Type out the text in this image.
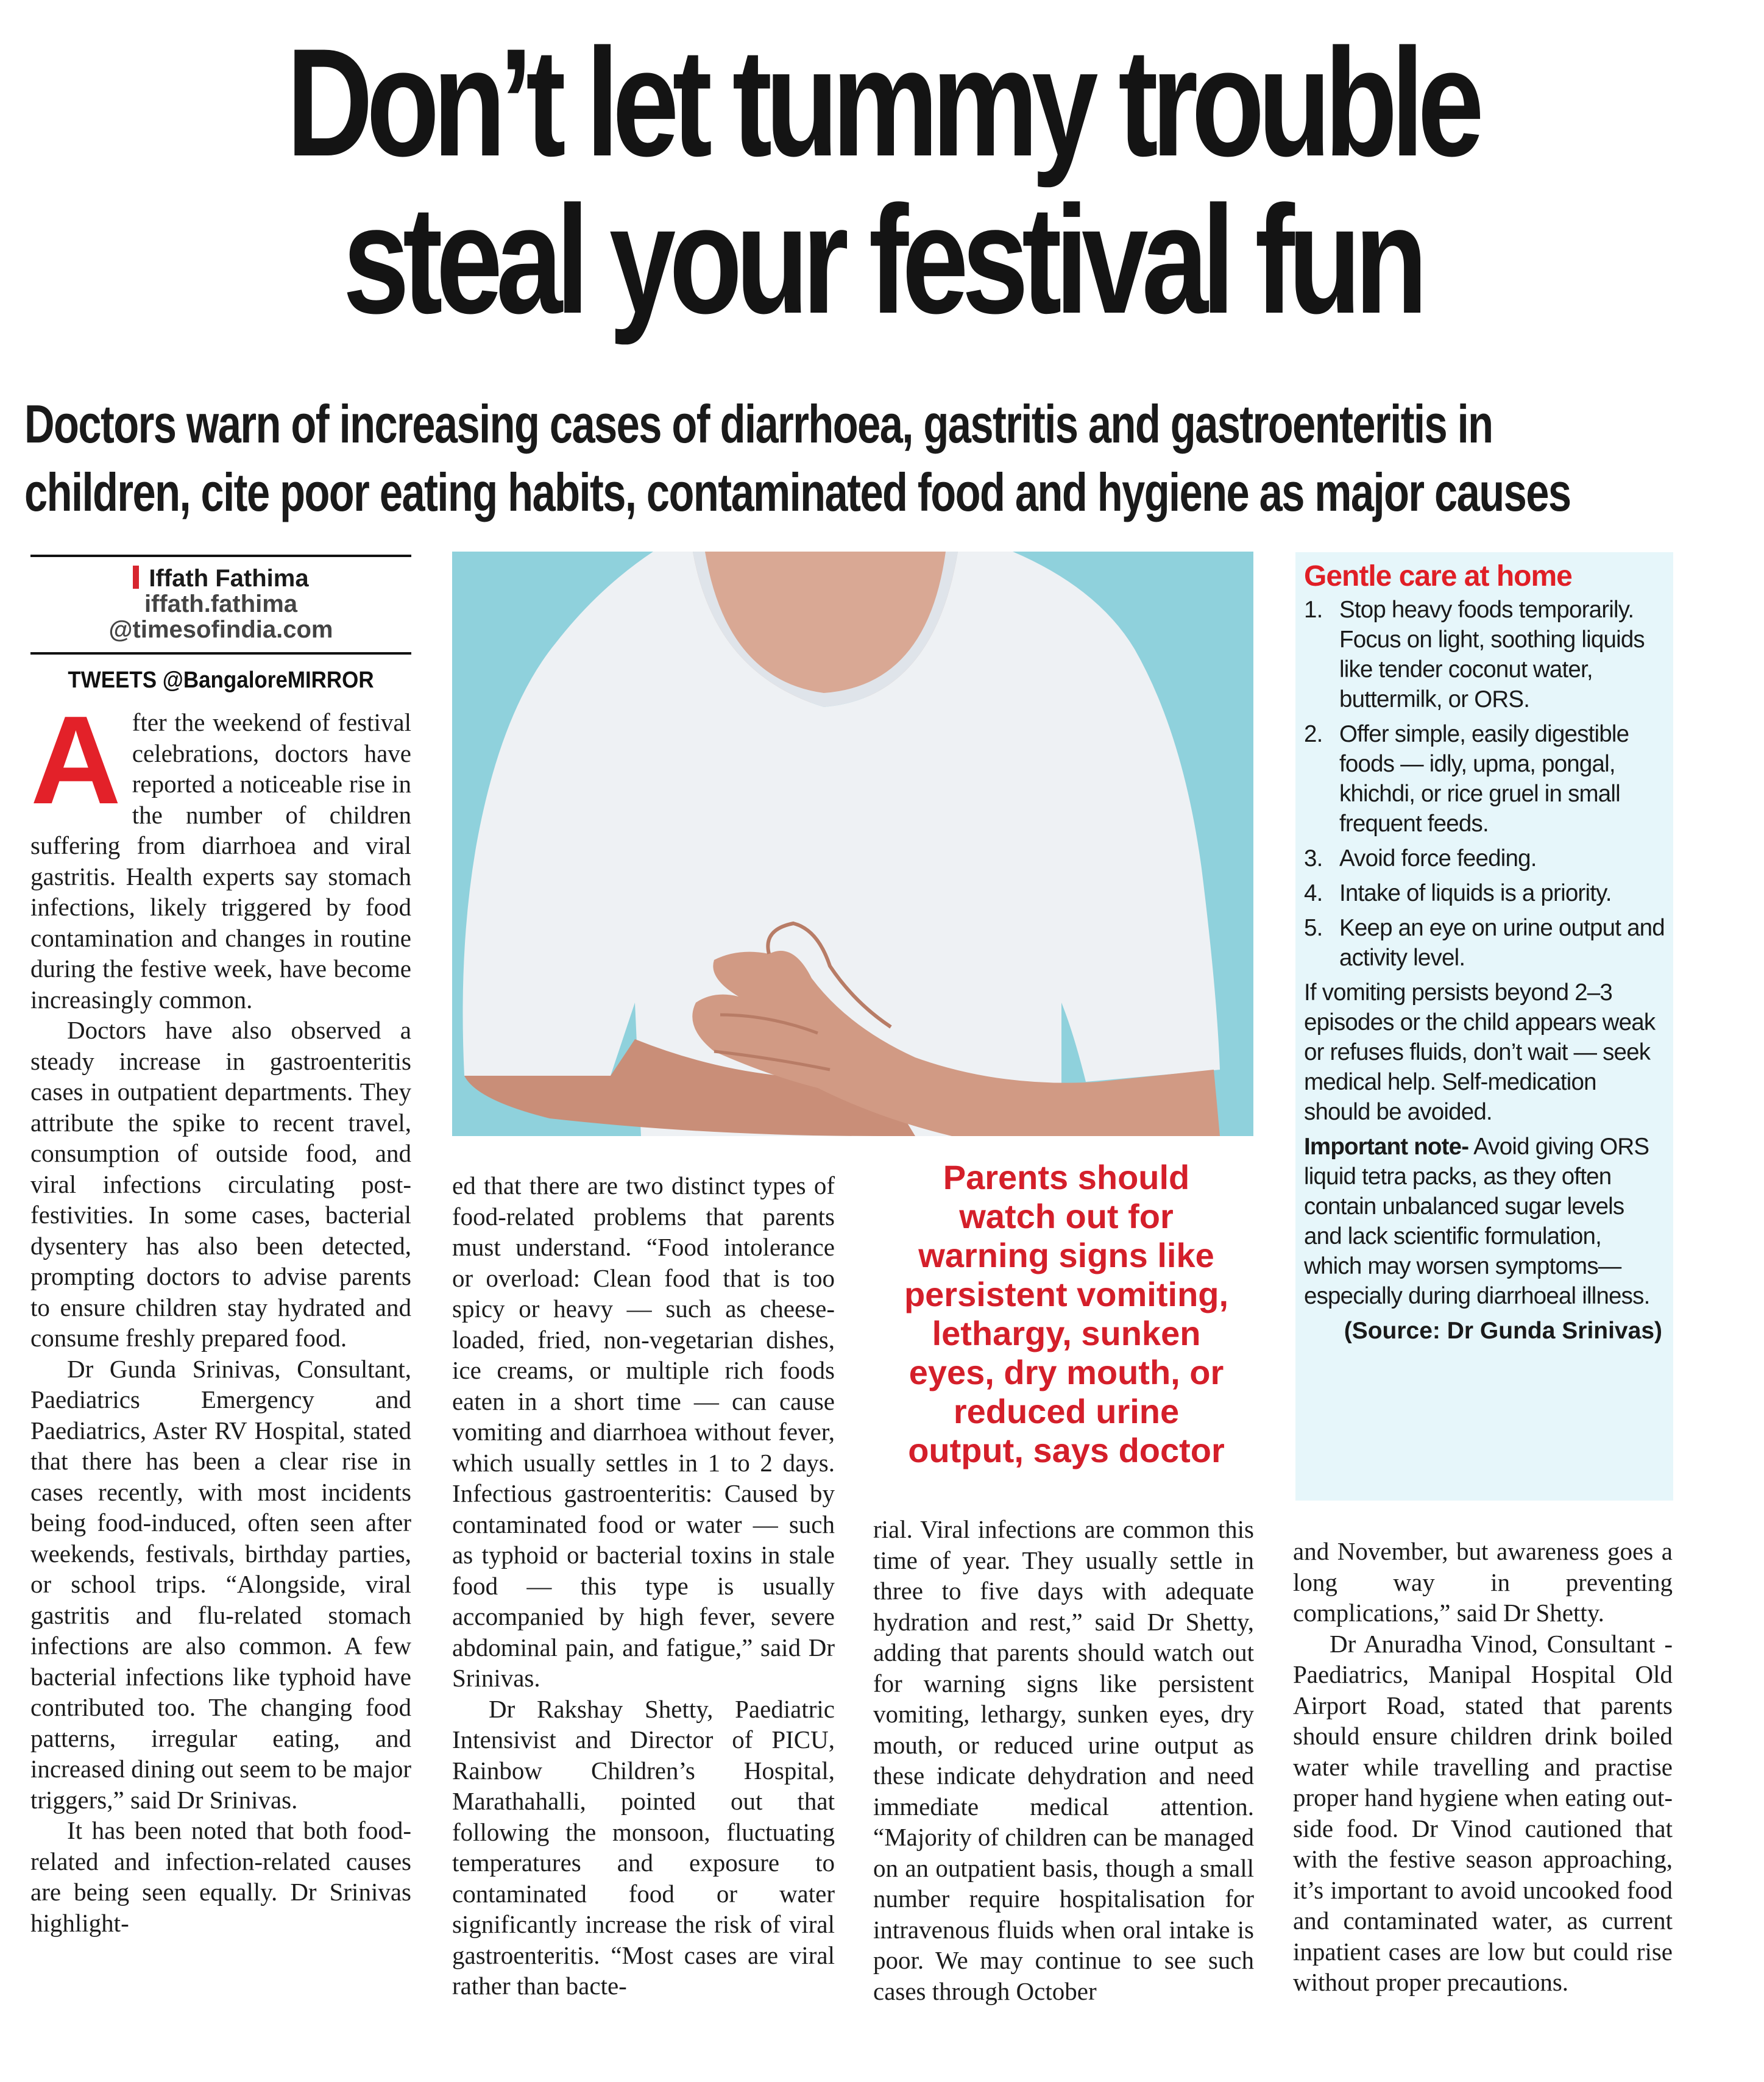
Don’t let tummy trouble
steal your festival fun
Doctors warn of increasing cases of diarrhoea, gastritis and gastroenteritis in
children, cite poor eating habits, contaminated food and hygiene as major causes
Iffath Fathima
iffath.fathima
@timesofindia.com
TWEETS @BangaloreMIRROR

After the weekend of festival celebrations, doctors have reported a noticeable rise in the number of children suffering from diarrhoea and viral gastritis. Health experts say stomach infections, likely triggered by food contamination and changes in routine during the festive week, have become increasingly common.

Doctors have also observed a steady increase in gastroenteritis cases in outpatient departments. They attribute the spike to recent travel, consumption of outside food, and viral infections circulating post-festivities. In some cases, bacterial dysentery has also been detected, prompting doctors to advise parents to ensure children stay hydrated and consume freshly prepared food.

Dr Gunda Srinivas, Consultant, Paediatrics Emergency and Paediatrics, Aster RV Hospital, stated that there has been a clear rise in cases recently, with most incidents being food-induced, often seen after weekends, festivals, birthday parties, or school trips. “Alongside, viral gastritis and flu-related stomach infections are also common. A few bacterial infections like typhoid have contributed too. The changing food patterns, irregular eating, and increased dining out seem to be major triggers,” said Dr Srinivas.

It has been noted that both food-related and infection-related causes are being seen equally. Dr Srinivas highlight-

ed that there are two distinct types of food-related problems that parents must understand. “Food intolerance or overload: Clean food that is too spicy or heavy — such as cheese-loaded, fried, non-vegetarian dishes, ice creams, or multiple rich foods eaten in a short time — can cause vomiting and diarrhoea without fever, which usually settles in 1 to 2 days. Infectious gastroenteritis: Caused by contaminated food or water — such as typhoid or bacterial toxins in stale food — this type is usually accompanied by high fever, severe abdominal pain, and fatigue,” said Dr Srinivas.

Dr Rakshay Shetty, Paediatric Intensivist and Director of PICU, Rainbow Children’s Hospital, Marathahalli, pointed out that following the monsoon, fluctuating temperatures and exposure to contaminated food or water significantly increase the risk of viral gastroenteritis. “Most cases are viral rather than bacte-

Parents should
watch out for
warning signs like
persistent vomiting,
lethargy, sunken
eyes, dry mouth, or
reduced urine
output, says doctor

rial. Viral infections are common this time of year. They usually settle in three to five days with adequate hydration and rest,” said Dr Shetty, adding that parents should watch out for warning signs like persistent vomiting, lethargy, sunken eyes, dry mouth, or reduced urine output as these indicate dehydration and need immediate medical attention. “Majority of children can be managed on an outpatient basis, though a small number require hospitalisation for intravenous fluids when oral intake is poor. We may continue to see such cases through October

Gentle care at home
1. Stop heavy foods temporarily. Focus on light, soothing liquids like tender coconut water, buttermilk, or ORS.
2. Offer simple, easily digestible foods — idly, upma, pongal, khichdi, or rice gruel in small frequent feeds.
3. Avoid force feeding.
4. Intake of liquids is a priority.
5. Keep an eye on urine output and activity level.
If vomiting persists beyond 2–3 episodes or the child appears weak or refuses fluids, don’t wait — seek medical help. Self-medication should be avoided.
Important note- Avoid giving ORS liquid tetra packs, as they often contain unbalanced sugar levels and lack scientific formulation, which may worsen symptoms—especially during diarrhoeal illness.
(Source: Dr Gunda Srinivas)

and November, but awareness goes a long way in preventing complications,” said Dr Shetty.

Dr Anuradha Vinod, Consultant - Paediatrics, Manipal Hospital Old Airport Road, stated that parents should ensure children drink boiled water while travelling and practise proper hand hygiene when eating outside food. Dr Vinod cautioned that with the festive season approaching, it’s important to avoid uncooked food and contaminated water, as current inpatient cases are low but could rise without proper precautions.
